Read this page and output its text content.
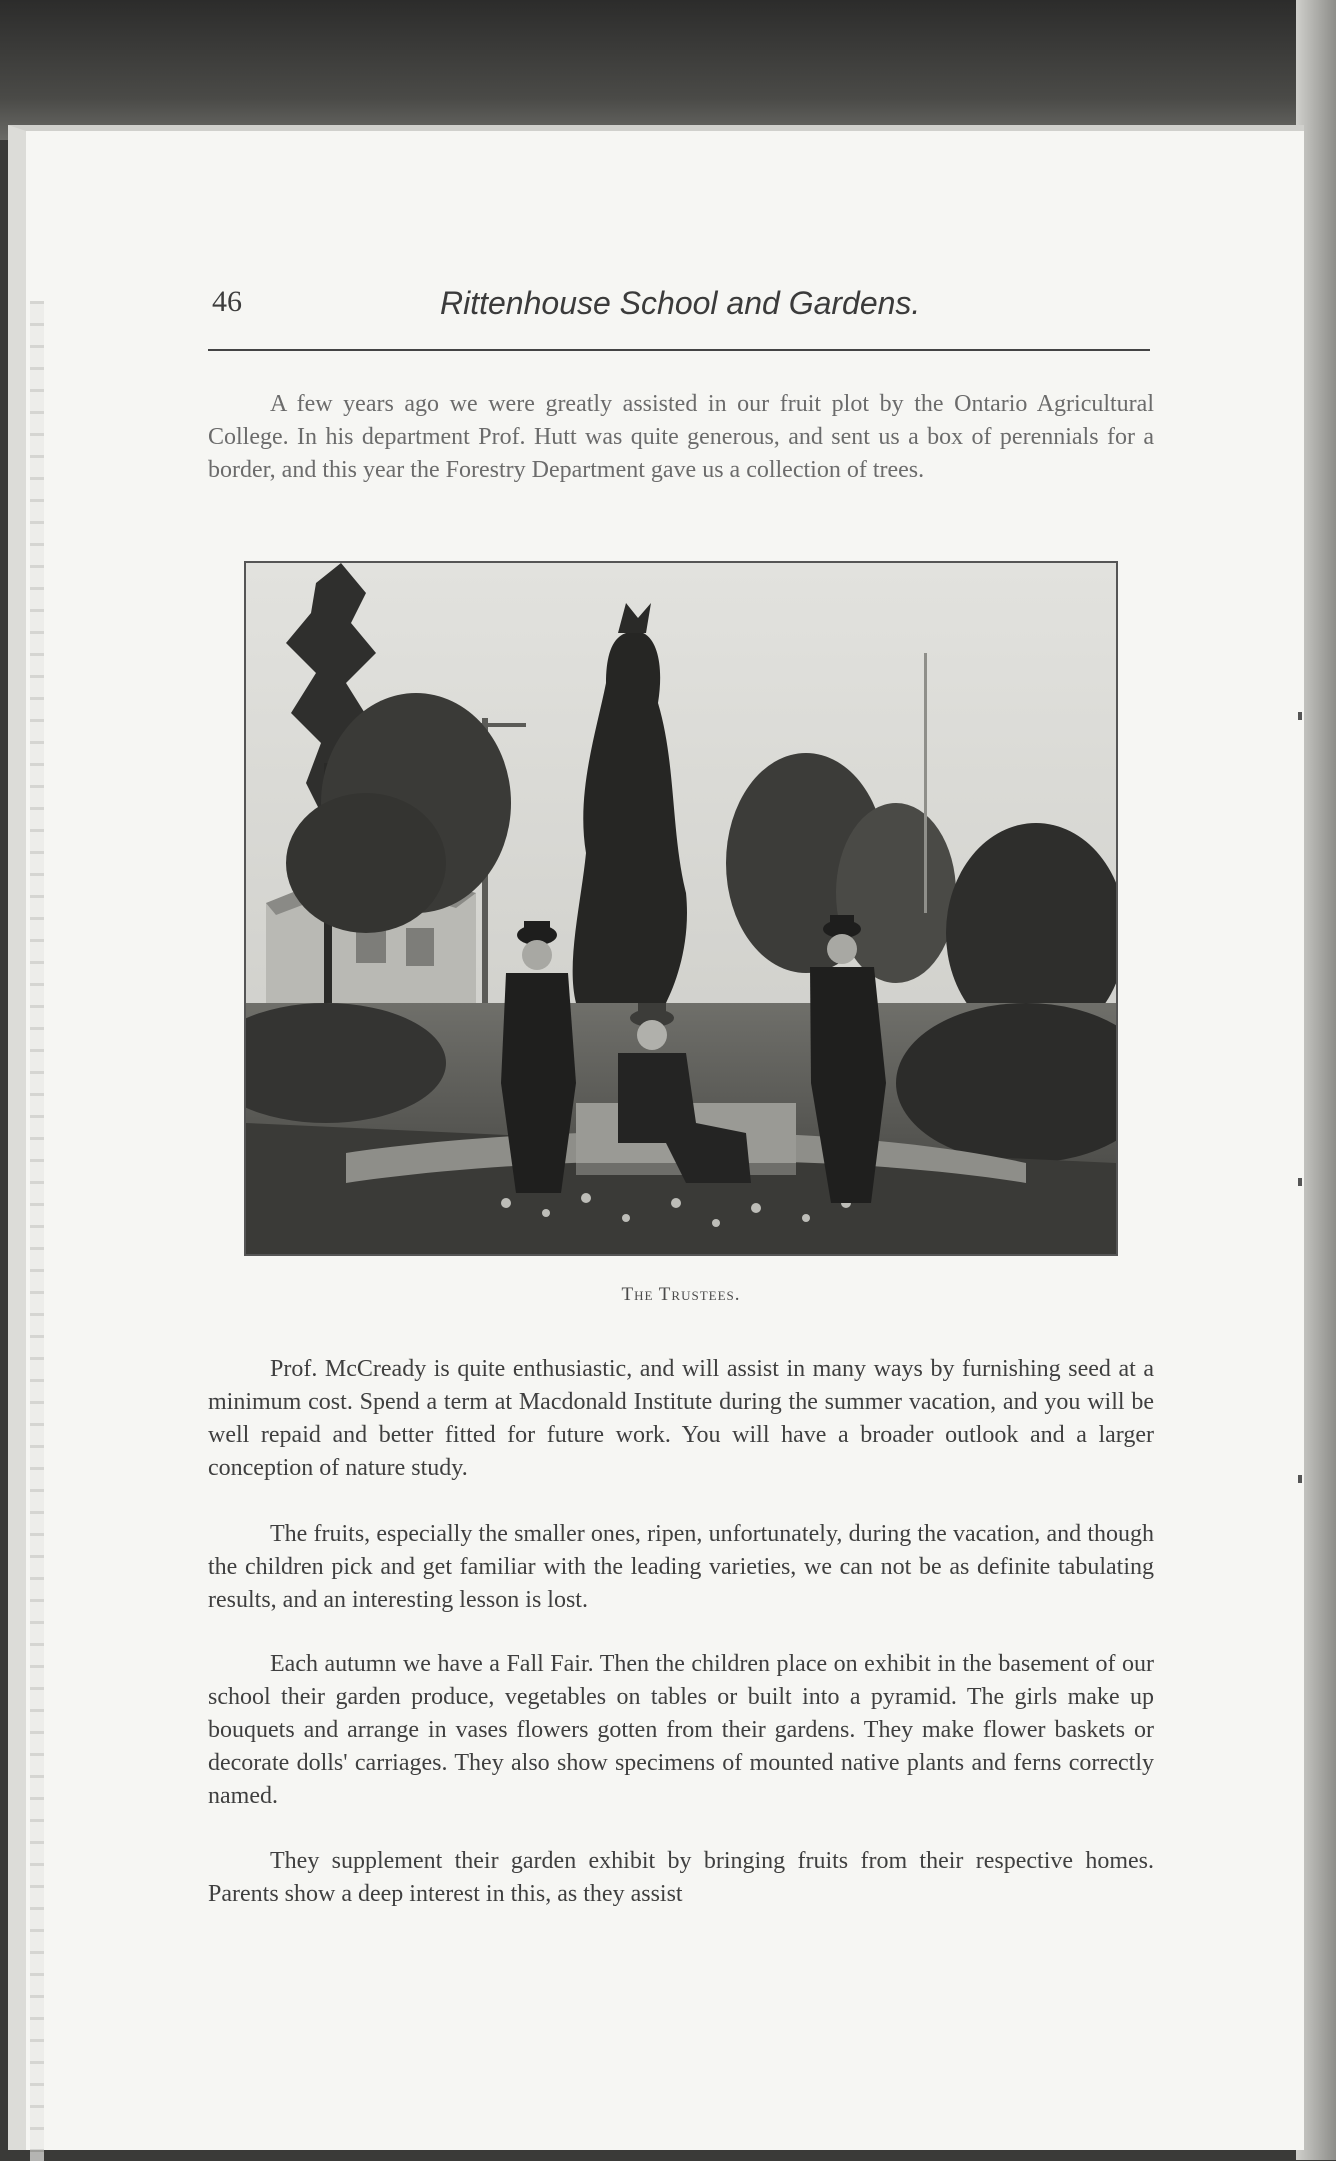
46	Rittenhouse School and Gardens.

A few years ago we were greatly assisted in our fruit plot by the Ontario Agricultural College. In his department Prof. Hutt was quite generous, and sent us a box of perennials for a border, and this year the Forestry Department gave us a collection of trees.

The Trustees.

Prof. McCready is quite enthusiastic, and will assist in many ways by furnishing seed at a minimum cost. Spend a term at Macdonald Institute during the summer vacation, and you will be well repaid and better fitted for future work. You will have a broader outlook and a larger conception of nature study.

The fruits, especially the smaller ones, ripen, unfortunately, during the vacation, and though the children pick and get familiar with the leading varieties, we can not be as definite tabulating results, and an interesting lesson is lost.

Each autumn we have a Fall Fair. Then the children place on exhibit in the basement of our school their garden produce, vegetables on tables or built into a pyramid. The girls make up bouquets and arrange in vases flowers gotten from their gardens. They make flower baskets or decorate dolls' carriages. They also show specimens of mounted native plants and ferns correctly named.

They supplement their garden exhibit by bringing fruits from their respective homes. Parents show a deep interest in this, as they assist
